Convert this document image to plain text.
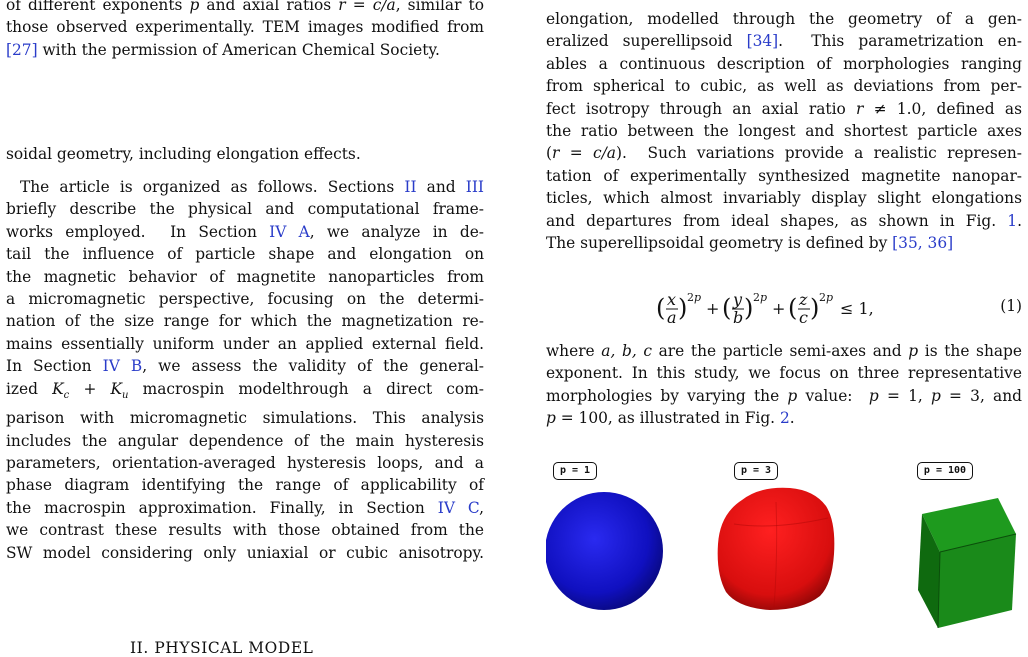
of different exponents p and axial ratios r = c/a, similar to
those observed experimentally. TEM images modified from
[27] with the permission of American Chemical Society.
soidal geometry, including elongation effects.
The article is organized as follows. Sections II and III
briefly describe the physical and computational frame-
works employed.  In Section IV A, we analyze in de-
tail the influence of particle shape and elongation on
the magnetic behavior of magnetite nanoparticles from
a micromagnetic perspective, focusing on the determi-
nation of the size range for which the magnetization re-
mains essentially uniform under an applied external field.
In Section IV B, we assess the validity of the general-
ized $K_c + K_u$ macrospin modelthrough a direct com-
parison with micromagnetic simulations. This analysis
includes the angular dependence of the main hysteresis
parameters, orientation-averaged hysteresis loops, and a
phase diagram identifying the range of applicability of
the macrospin approximation. Finally, in Section IV C,
we contrast these results with those obtained from the
SW model considering only uniaxial or cubic anisotropy.
II. PHYSICAL MODEL
elongation, modelled through the geometry of a gen-
eralized superellipsoid [34].  This parametrization en-
ables a continuous description of morphologies ranging
from spherical to cubic, as well as deviations from per-
fect isotropy through an axial ratio r ≠ 1.0, defined as
the ratio between the longest and shortest particle axes
(r = c/a).  Such variations provide a realistic represen-
tation of experimentally synthesized magnetite nanopar-
ticles, which almost invariably display slight elongations
and departures from ideal shapes, as shown in Fig. 1.
The superellipsoidal geometry is defined by [35, 36]
( x
a ) 2p
+ ( y
b ) 2p
+ ( z
c ) 2p
≤ 1,	(1)
where a, b, c are the particle semi-axes and p is the shape
exponent. In this study, we focus on three representative
morphologies by varying the p value:  p = 1, p = 3, and
p = 100, as illustrated in Fig. 2.
p = 1	p = 3	p = 100
